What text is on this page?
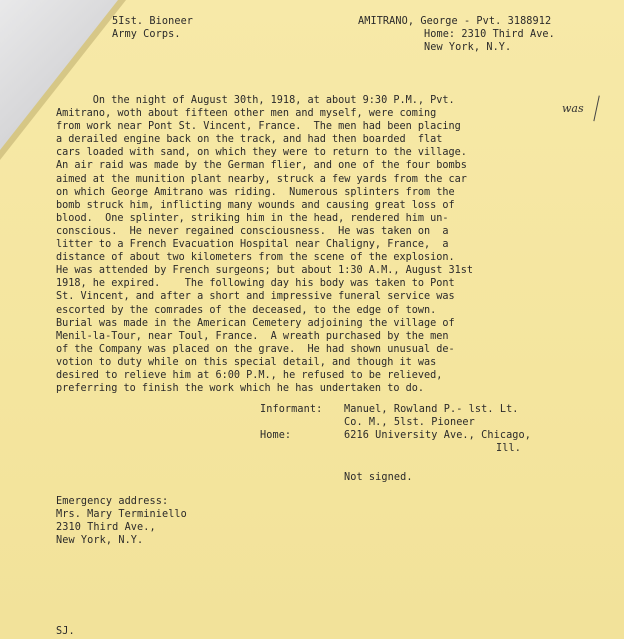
5Ist. Bioneer
Army Corps.
AMITRANO, George - Pvt. 3188912
Home: 2310 Third Ave.
New York, N.Y.
On the night of August 30th, 1918, at about 9:30 P.M., Pvt.
Amitrano, woth about fifteen other men and myself, were coming
from work near Pont St. Vincent, France.  The men had been placing
a derailed engine back on the track, and had then boarded  flat
cars loaded with sand, on which they were to return to the village.
An air raid was made by the German flier, and one of the four bombs
aimed at the munition plant nearby, struck a few yards from the car
on which George Amitrano was riding.  Numerous splinters from the
bomb struck him, inflicting many wounds and causing great loss of
blood.  One splinter, striking him in the head, rendered him un-
conscious.  He never regained consciousness.  He was taken on  a
litter to a French Evacuation Hospital near Chaligny, France,  a
distance of about two kilometers from the scene of the explosion.
He was attended by French surgeons; but about 1:30 A.M., August 31st
1918, he expired.    The following day his body was taken to Pont
St. Vincent, and after a short and impressive funeral service was
escorted by the comrades of the deceased, to the edge of town.
Burial was made in the American Cemetery adjoining the village of
Menil-la-Tour, near Toul, France.  A wreath purchased by the men
of the Company was placed on the grave.  He had shown unusual de-
votion to duty while on this special detail, and though it was
desired to relieve him at 6:00 P.M., he refused to be relieved,
preferring to finish the work which he has undertaken to do.
was
Informant: Manuel, Rowland P.- lst. Lt.
Co. M., 5lst. Pioneer
Home:	6216 University Ave., Chicago,
Ill.
Not signed.
Emergency address:
Mrs. Mary Terminiello
2310 Third Ave.,
New York, N.Y.
SJ.
